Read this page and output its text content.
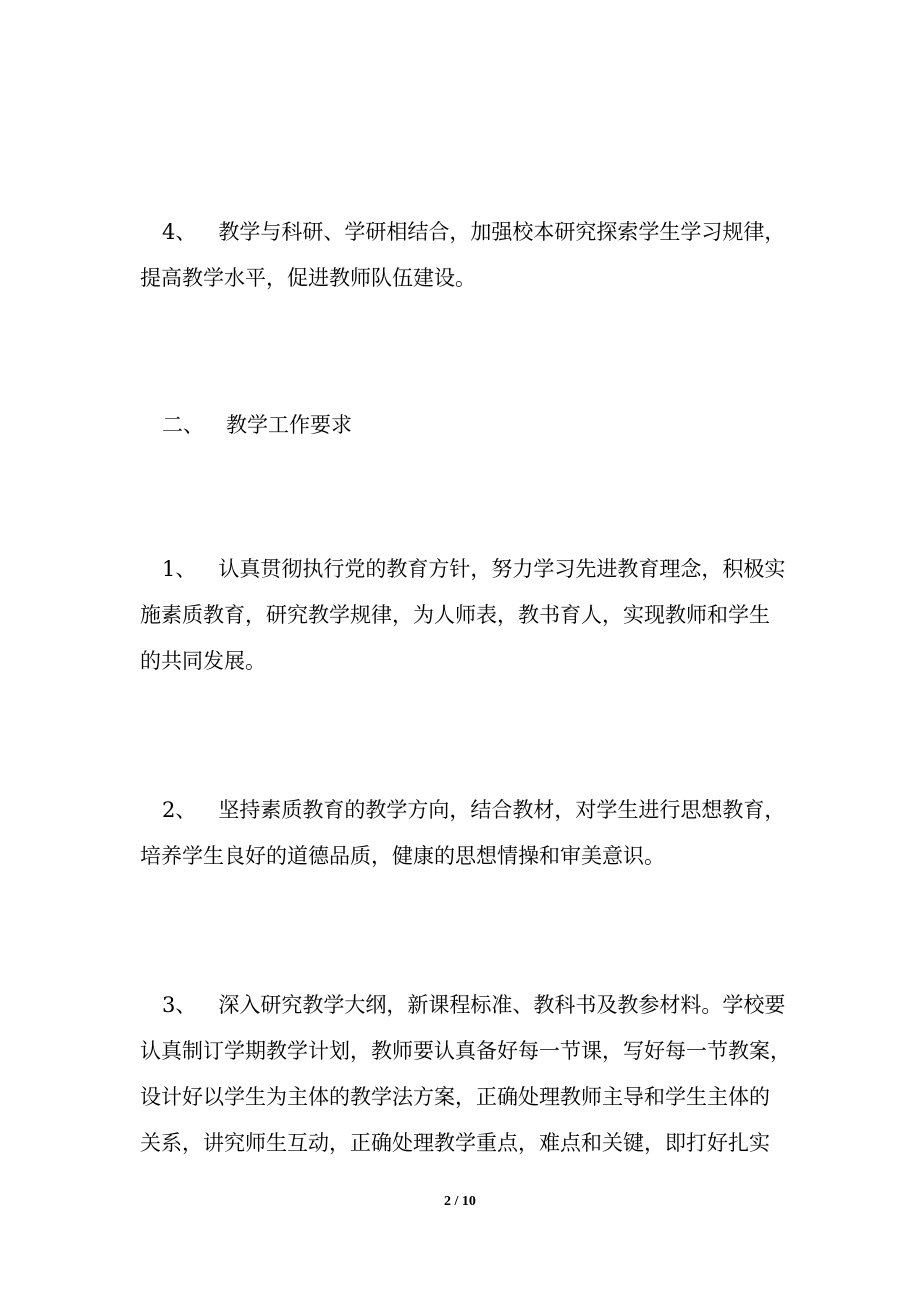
4、 教学与科研、学研相结合，加强校本研究探索学生学习规律，
提高教学水平，促进教师队伍建设。
二、 教学工作要求
1、 认真贯彻执行党的教育方针，努力学习先进教育理念，积极实
施素质教育，研究教学规律，为人师表，教书育人，实现教师和学生
的共同发展。
2、 坚持素质教育的教学方向，结合教材，对学生进行思想教育，
培养学生良好的道德品质，健康的思想情操和审美意识。
3、 深入研究教学大纲，新课程标准、教科书及教参材料。学校要
认真制订学期教学计划，教师要认真备好每一节课，写好每一节教案，
设计好以学生为主体的教学法方案，正确处理教师主导和学生主体的
关系，讲究师生互动，正确处理教学重点，难点和关键，即打好扎实
2 / 10
